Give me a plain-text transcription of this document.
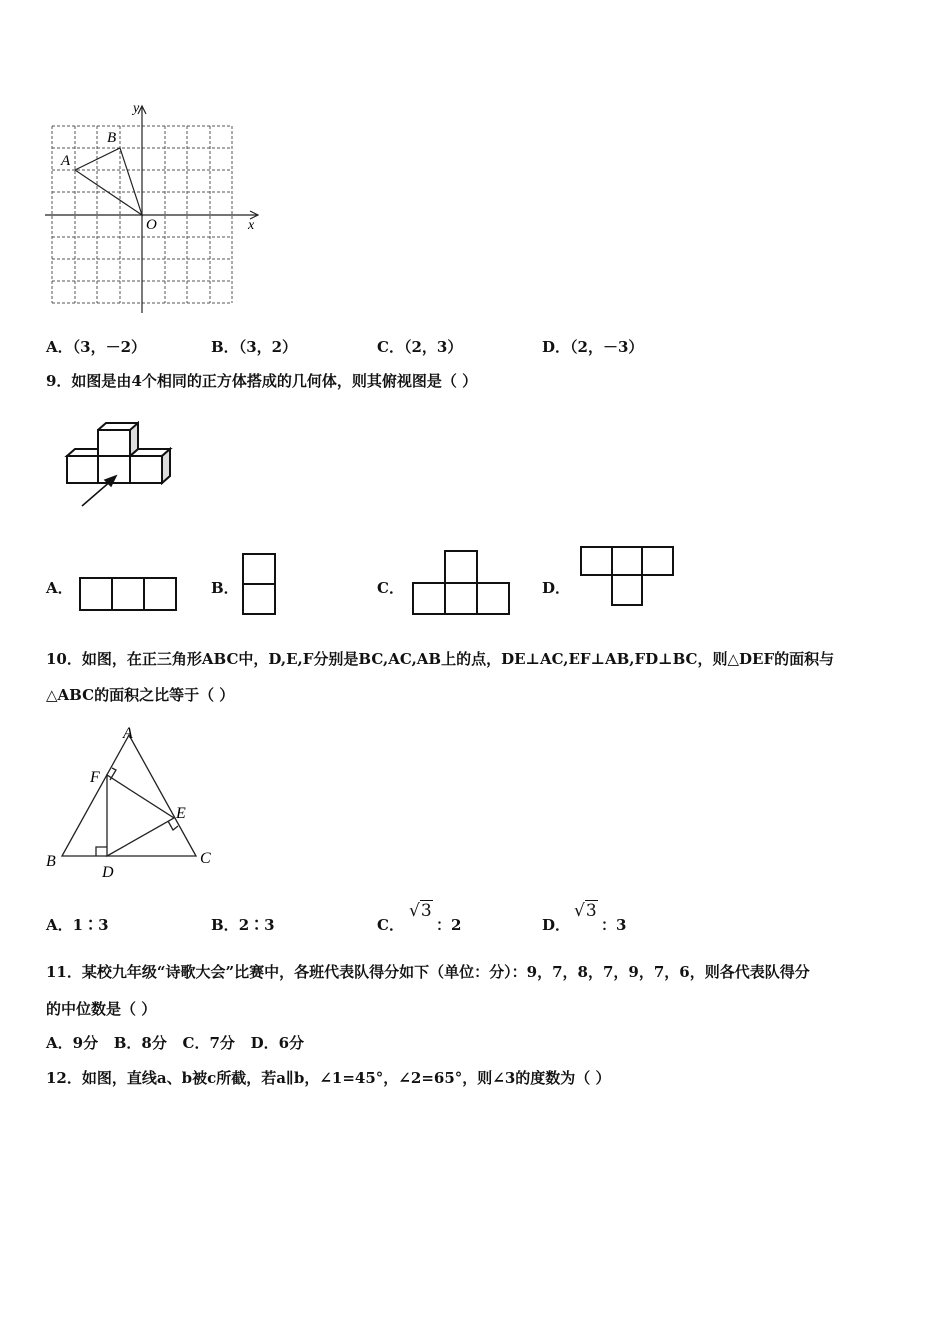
y
x
O
A
B
A．（3，－2）	B．（3，2）	C．（2，3）	D．（2，－3）
9．如图是由4个相同的正方体搭成的几何体，则其俯视图是（ ）
A．	B．	C．	D．
10．如图，在正三角形ABC中，D,E,F分别是BC,AC,AB上的点，DE⊥AC,EF⊥AB,FD⊥BC，则△DEF的面积与
△ABC的面积之比等于（ ）
A
B	C
D
E
F
A．1∶3	B．2∶3	C．
√3
：2	D．
√3
：3
11．某校九年级“诗歌大会”比赛中，各班代表队得分如下（单位：分）：9，7，8，7，9，7，6，则各代表队得分
的中位数是（ ）
A．9分   B．8分   C．7分   D．6分
12．如图，直线a、b被c所截，若a∥b，∠1=45°，∠2=65°，则∠3的度数为（ ）
